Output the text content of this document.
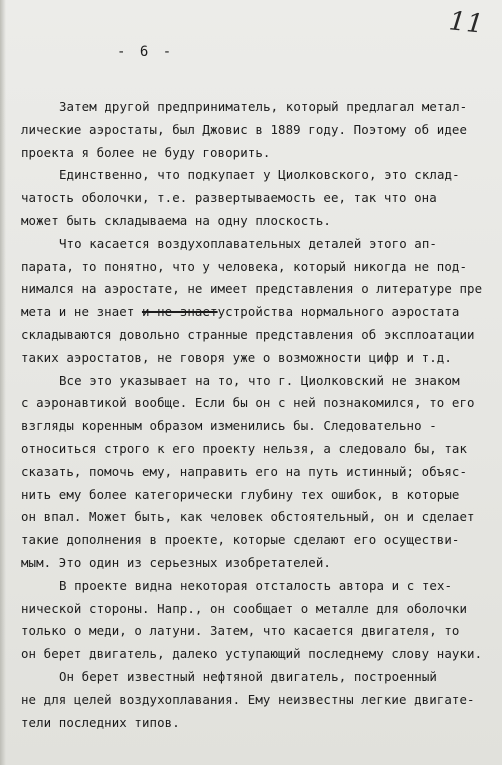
11
- 6 -
Затем другой предприниматель, который предлагал метал-
лические аэростаты, был Джовис в 1889 году. Поэтому об идее
проекта я более не буду говорить.
Единственно, что подкупает у Циолковского, это склад-
чатость оболочки, т.е. развертываемость ее, так что она
может быть складываема на одну плоскость.
Что касается воздухоплавательных деталей этого ап-
парата, то понятно, что у человека, который никогда не под-
нимался на аэростате, не имеет представления о литературе пре
мета и не знает и не знаетустройства нормального аэростата
складываются довольно странные представления об эксплоатации
таких аэростатов, не говоря уже о возможности цифр и т.д.
Все это указывает на то, что г. Циолковский не знаком
с аэронавтикой вообще. Если бы он с ней познакомился, то его
взгляды коренным образом изменились бы. Следовательно -
относиться строго к его проекту нельзя, а следовало бы, так
сказать, помочь ему, направить его на путь истинный; объяс-
нить ему более категорически глубину тех ошибок, в которые
он впал. Может быть, как человек обстоятельный, он и сделает
такие дополнения в проекте, которые сделают его осуществи-
мым. Это один из серьезных изобретателей.
В проекте видна некоторая отсталость автора и с тех-
нической стороны. Напр., он сообщает о металле для оболочки
только о меди, о латуни. Затем, что касается двигателя, то
он берет двигатель, далеко уступающий последнему слову науки.
Он берет известный нефтяной двигатель, построенный
не для целей воздухоплавания. Ему неизвестны легкие двигате-
тели последних типов.
